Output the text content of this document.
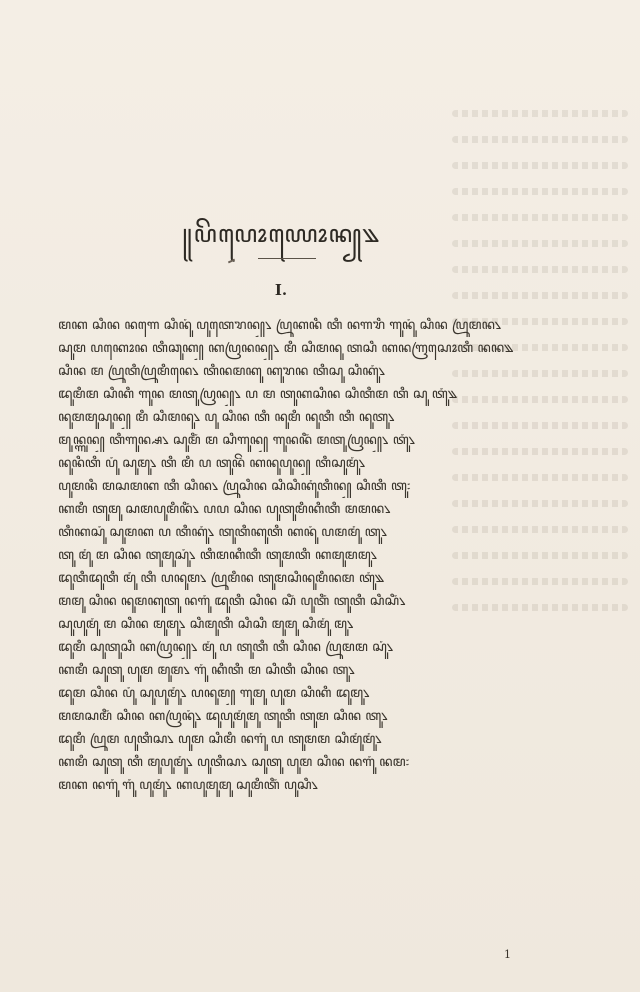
꧋ꦥꦼꦥꦺꦴꦪꦺꦴꦤ꧀꧉
I.
ꦩꦏ ꦱꦶꦤ ꦤꦒꦺ ꦱꦶꦤꦸꦁ ꦥꦸꦠꦺꦫꦤ꧀꧈ ꦥꦿꦸꦏꦤꦶ ꦠꦶ ꦤꦒꦫꦶ ꦒꦸꦤꦸꦁ ꦱꦶꦤ ꦥꦿꦸꦩꦤ꧈
ꦱꦸꦩ ꦥꦏꦺꦴꦤ ꦠꦶꦕꦸꦏ꧀ ꦏꦥꦿꦤꦤ꧀꧈ ꦩꦶ ꦱꦶꦩꦤꦸ ꦠꦱꦶ ꦏꦤꦒꦿꦱꦺꦴꦠꦶ ꦤꦤ꧉
ꦱꦶꦤ ꦩ ꦥꦿꦸꦠꦶꦥꦿꦸꦩꦶꦤꦺ꧈ ꦠꦶꦤꦩꦏꦸ ꦏꦸꦫꦤ ꦠꦶꦱꦸ ꦱꦶꦏꦸꦁ꧈
ꦢꦸꦩꦶꦩ ꦱꦶꦏꦶ ꦒꦸꦤ ꦩꦠꦸꦥꦿꦤ꧀꧈ ꦥ ꦩ ꦠꦸꦏꦱꦶꦤ ꦱꦶꦠꦶꦩ ꦠꦶ ꦱꦸ ꦠꦸꦁ꧉
ꦤꦸꦩꦩꦸꦱꦸꦤ꧀ ꦩꦶ ꦱꦶꦩꦤꦸ꧈ ꦥꦸ ꦱꦶꦤ ꦠꦶ ꦤꦸꦩꦶ ꦤꦸꦠꦶ ꦠꦶ ꦤꦸꦠꦸ꧈
ꦩꦸꦤ꧀ꦒꦸꦤ꧀ ꦠꦶꦒꦸꦤ꧀ꦱ꧈ ꦱꦸꦩꦶꦁ ꦩ ꦱꦶꦒꦸꦤ꧀ ꦒꦸꦤꦤꦶꦁ ꦩꦠꦸꦥꦿꦤ꧀꧈ ꦠꦸꦁ꧈
ꦤꦸꦤꦶꦠꦶ ꦥꦸꦁ ꦱꦸꦩꦸ꧈ ꦠꦶ ꦩꦶ ꦥ ꦠꦸꦤꦼꦁ ꦏꦤꦸꦥꦸꦤ꧀ ꦠꦶꦱꦸꦩꦸꦁ꧈
ꦥꦸꦩꦤꦶ ꦩꦱꦩꦏ ꦠꦶ ꦱꦶꦤ꧈ ꦥꦿꦸꦱꦶꦤ ꦱꦶꦱꦶꦏꦸꦁꦠꦶꦤ꧀ ꦱꦶꦠꦶ ꦠꦸ꧇
ꦏꦩꦶ ꦠꦸꦩꦸ ꦱꦩꦥꦸꦩꦶꦤꦶꦁ꧈ ꦥꦥ ꦱꦶꦤ ꦥꦸꦠꦸꦩꦶꦏꦶꦠꦶ ꦩꦩꦤ꧈
ꦠꦶꦏꦱꦸꦁ ꦱꦸꦩꦏ ꦥ ꦠꦶꦏꦸꦁ꧈ ꦠꦸꦠꦶꦏꦸꦠꦶ ꦏꦤꦸꦁ ꦥꦩꦩꦸꦁ ꦠꦸ꧈
ꦠꦸ ꦩꦸꦁ ꦩ ꦱꦶꦤ ꦠꦸꦩꦸꦱꦸꦁ꧈ ꦠꦶꦩꦏꦶꦠꦶ ꦠꦸꦩꦠꦶ ꦏꦩꦸꦩꦩꦸ꧈
ꦢꦸꦠꦶꦢꦸꦠꦶ ꦩꦸꦁ ꦠꦶ ꦥꦤꦸꦩ꧈ ꦥꦿꦸꦩꦶꦤ ꦠꦸꦩꦱꦶꦤꦸꦩꦶꦤꦩ ꦠꦸꦁ꧉
ꦩꦩꦸ ꦱꦶꦤ ꦤꦸꦩꦏꦸꦠꦸ ꦤꦒꦸꦁ ꦢꦸꦠꦶ ꦱꦶꦤ ꦱꦶꦁ ꦥꦸꦠꦶꦁ ꦠꦸꦠꦶ ꦱꦶꦱꦶꦁ꧈
ꦱꦸꦥꦸꦩꦸꦁ ꦩ ꦱꦶꦤ ꦩꦸꦩꦸ꧈ ꦱꦶꦩꦸꦠꦶ ꦱꦶꦱꦶ ꦩꦸꦩꦸ ꦱꦶꦩꦸꦁ ꦩꦸ꧈
ꦢꦸꦩꦶ ꦱꦸꦠꦸꦱꦶ ꦏꦥꦿꦤ꧀꧈ ꦩꦸꦁ ꦥ ꦠꦸꦠꦶ ꦠꦶ ꦱꦶꦤ ꦥꦿꦸꦩꦩ ꦱꦸꦁ꧈
ꦏꦩꦶ ꦱꦸꦠꦸ ꦥꦸꦩ ꦩꦸꦩ꧈ ꦒꦸꦁ ꦏꦶꦠꦶ ꦩ ꦱꦶꦠꦶ ꦱꦶꦤ ꦠꦸ꧈
ꦢꦸꦩ ꦱꦶꦤ ꦥꦸꦁ ꦱꦸꦥꦸꦩꦸꦁ꧈ ꦥꦤꦸꦩ꧀ ꦒꦸꦩꦸ ꦥꦸꦩ ꦱꦶꦏꦶ ꦢꦸꦩꦸ꧈
ꦩꦩꦱꦩꦶꦁ ꦱꦶꦤ ꦏꦥꦿꦤꦸꦁ꧈ ꦢꦸꦥꦸꦩꦸꦁꦩꦸ ꦠꦸꦠꦶ ꦠꦸꦩ ꦱꦶꦤ ꦠꦸ꧈
ꦢꦸꦩꦶ ꦥꦿꦸꦩ ꦥꦸꦠꦶꦱ꧈ ꦥꦸꦩ ꦱꦶꦩꦶ ꦤꦒꦸꦁ ꦥ ꦠꦸꦩꦩ ꦱꦶꦩꦸꦁꦩꦸꦁ꧈
ꦏꦩꦶ ꦱꦸꦠꦸ ꦠꦶ ꦩꦸꦥꦸꦩꦸꦁ꧈ ꦥꦸꦠꦶꦱ꧈ ꦱꦸꦠꦸ ꦥꦸꦩ ꦱꦶꦤ ꦤꦒꦸꦁ ꦤꦩ꧇
ꦩꦏ ꦤꦒꦸꦁ ꦒꦸꦁ ꦥꦸꦩꦸꦁ꧈ ꦏꦥꦸꦩꦸꦩꦸ ꦱꦸꦩꦶꦠꦶꦁ ꦥꦸꦱꦶ꧈
1
